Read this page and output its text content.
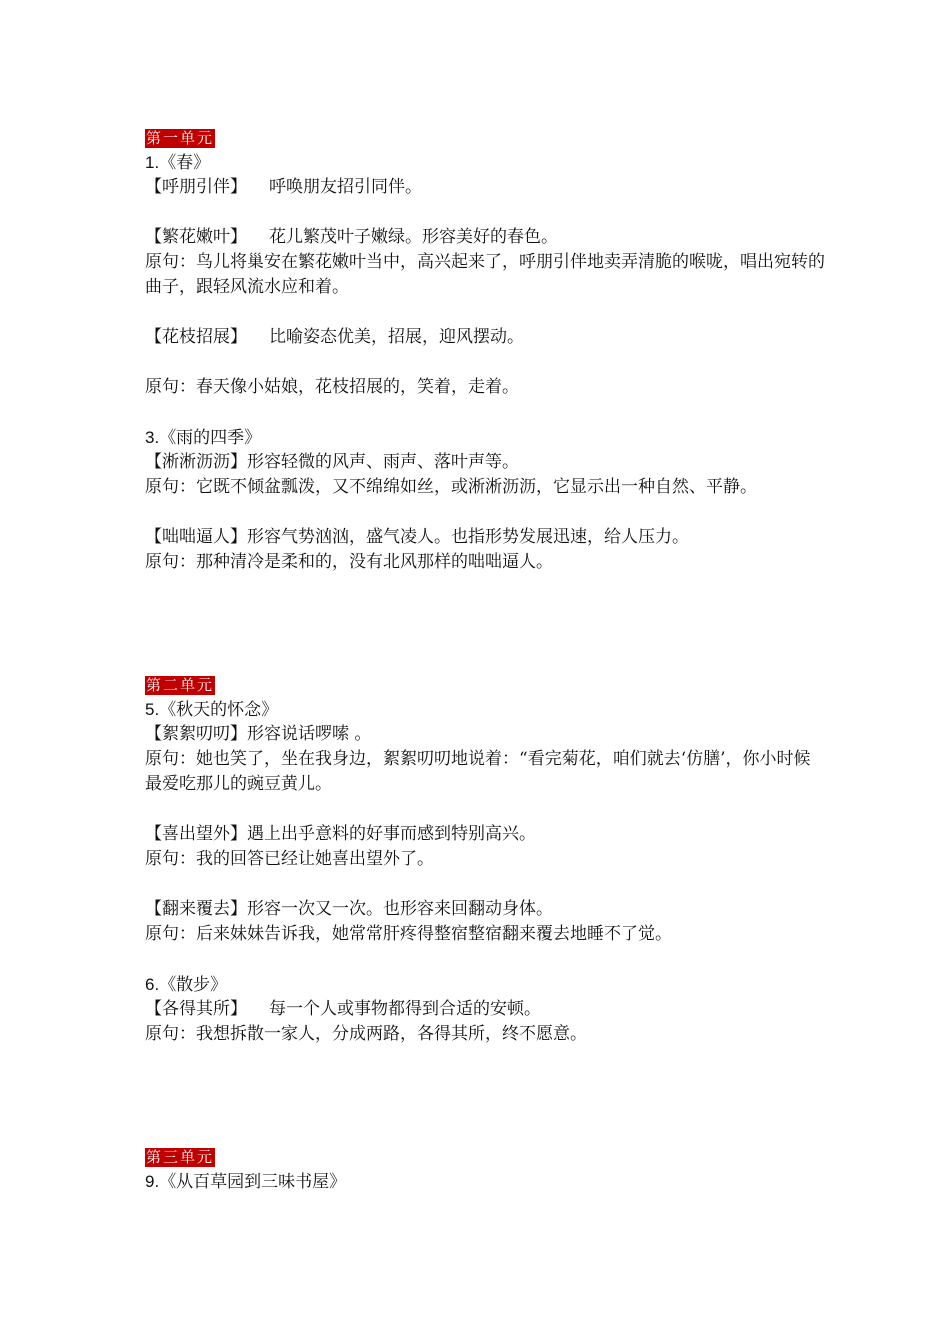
第一单元
1.《春》
【呼朋引伴】 呼唤朋友招引同伴。
【繁花嫩叶】 花儿繁茂叶子嫩绿。形容美好的春色。
原句：鸟儿将巢安在繁花嫩叶当中，高兴起来了，呼朋引伴地卖弄清脆的喉咙，唱出宛转的曲子，跟轻风流水应和着。
【花枝招展】 比喻姿态优美，招展，迎风摆动。
原句：春天像小姑娘，花枝招展的，笑着，走着。
3.《雨的四季》
【淅淅沥沥】形容轻微的风声、雨声、落叶声等。
原句：它既不倾盆瓢泼，又不绵绵如丝，或淅淅沥沥，它显示出一种自然、平静。
【咄咄逼人】形容气势汹汹，盛气凌人。也指形势发展迅速，给人压力。
原句：那种清冷是柔和的，没有北风那样的咄咄逼人。
第二单元
5.《秋天的怀念》
【絮絮叨叨】形容说话啰嗦 。
原句：她也笑了，坐在我身边，絮絮叨叨地说着：“看完菊花，咱们就去‘仿膳’，你小时候最爱吃那儿的豌豆黄儿。
【喜出望外】遇上出乎意料的好事而感到特别高兴。
原句：我的回答已经让她喜出望外了。
【翻来覆去】形容一次又一次。也形容来回翻动身体。
原句：后来妹妹告诉我，她常常肝疼得整宿整宿翻来覆去地睡不了觉。
6.《散步》
【各得其所】 每一个人或事物都得到合适的安顿。
原句：我想拆散一家人，分成两路，各得其所，终不愿意。
第三单元
9.《从百草园到三味书屋》
